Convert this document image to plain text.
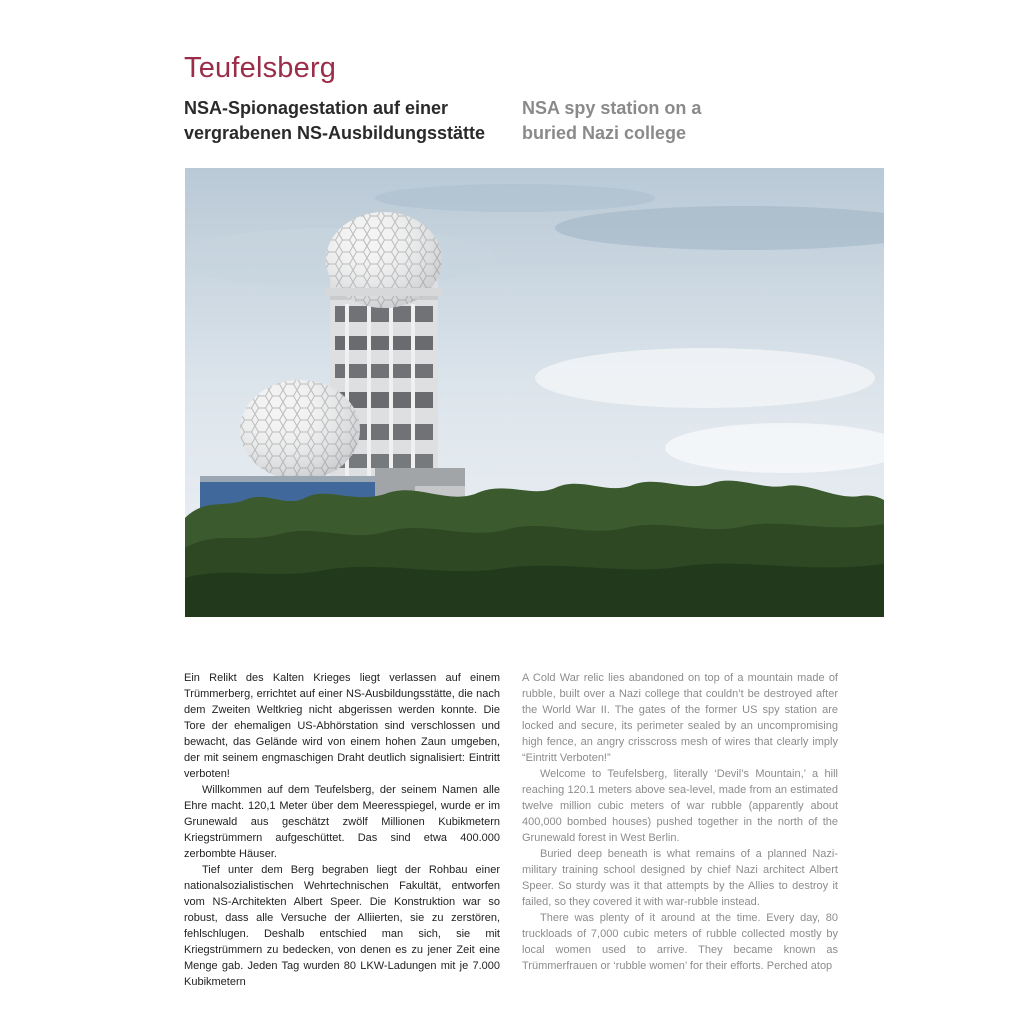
Teufelsberg
NSA-Spionagestation auf einer
vergrabenen NS-Ausbildungsstätte
NSA spy station on a
buried Nazi college

Ein Relikt des Kalten Krieges liegt verlassen auf einem Trümmerberg, errichtet auf einer NS-Ausbildungsstätte, die nach dem Zweiten Weltkrieg nicht abgerissen werden konnte. Die Tore der ehemaligen US-Abhörstation sind verschlossen und bewacht, das Gelände wird von einem hohen Zaun umgeben, der mit seinem engmaschigen Draht deutlich signalisiert: Eintritt verboten!

Willkommen auf dem Teufelsberg, der seinem Namen alle Ehre macht. 120,1 Meter über dem Meeresspiegel, wurde er im Grunewald aus geschätzt zwölf Millionen Kubikmetern Kriegstrümmern aufgeschüttet. Das sind etwa 400.000 zerbombte Häuser.

Tief unter dem Berg begraben liegt der Rohbau einer nationalsozialistischen Wehrtechnischen Fakultät, entworfen vom NS-Architekten Albert Speer. Die Konstruktion war so robust, dass alle Versuche der Alliierten, sie zu zerstören, fehlschlugen. Deshalb entschied man sich, sie mit Kriegstrümmern zu bedecken, von denen es zu jener Zeit eine Menge gab. Jeden Tag wurden 80 LKW-Ladungen mit je 7.000 Kubikmetern

A Cold War relic lies abandoned on top of a mountain made of rubble, built over a Nazi college that couldn’t be destroyed after the World War II. The gates of the former US spy station are locked and secure, its perimeter sealed by an uncompromising high fence, an angry crisscross mesh of wires that clearly imply “Eintritt Verboten!”

Welcome to Teufelsberg, literally ‘Devil’s Mountain,’ a hill reaching 120.1 meters above sea-level, made from an estimated twelve million cubic meters of war rubble (apparently about 400,000 bombed houses) pushed together in the north of the Grunewald forest in West Berlin.

Buried deep beneath is what remains of a planned Nazi-military training school designed by chief Nazi architect Albert Speer. So sturdy was it that attempts by the Allies to destroy it failed, so they covered it with war-rubble instead.

There was plenty of it around at the time. Every day, 80 truckloads of 7,000 cubic meters of rubble collected mostly by local women used to arrive. They became known as Trümmerfrauen or ‘rubble women’ for their efforts. Perched atop
